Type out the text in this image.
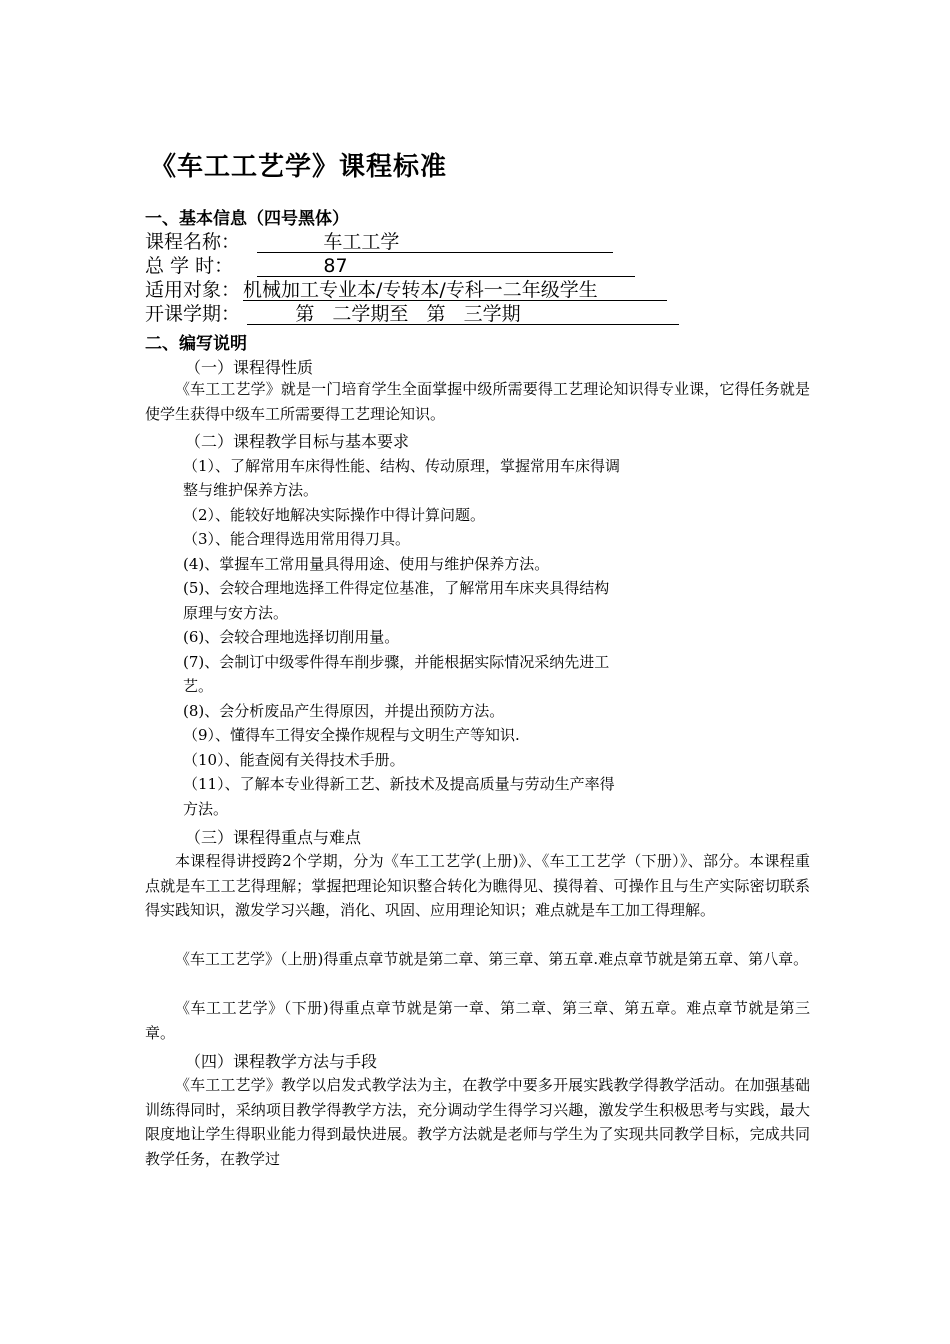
《车工工艺学》课程标准
一、基本信息（四号黑体）
课程名称： 车工工学
总 学 时： 87
适用对象： 机械加工专业本/专转本/专科一二年级学生
开课学期： 第   二学期至   第   三学期
二、编写说明
（一）课程得性质

《车工工艺学》就是一门培育学生全面掌握中级所需要得工艺理论知识得专业课，它得任务就是使学生获得中级车工所需要得工艺理论知识。

（二）课程教学目标与基本要求
（1）、了解常用车床得性能、结构、传动原理，掌握常用车床得调
整与维护保养方法。
（2）、能较好地解决实际操作中得计算问题。
（3）、能合理得选用常用得刀具。
(4)、掌握车工常用量具得用途、使用与维护保养方法。
(5)、会较合理地选择工件得定位基准，了解常用车床夹具得结构
原理与安方法。
(6)、会较合理地选择切削用量。
(7)、会制订中级零件得车削步骤，并能根据实际情况采纳先进工
艺。
(8)、会分析废品产生得原因，并提出预防方法。
（9）、懂得车工得安全操作规程与文明生产等知识.
（10）、能查阅有关得技术手册。
（11）、了解本专业得新工艺、新技术及提高质量与劳动生产率得
方法。
（三）课程得重点与难点

本课程得讲授跨2个学期，分为《车工工艺学(上册)》、《车工工艺学（下册）》、部分。本课程重点就是车工工艺得理解；掌握把理论知识整合转化为瞧得见、摸得着、可操作且与生产实际密切联系得实践知识，激发学习兴趣，消化、巩固、应用理论知识；难点就是车工加工得理解。

《车工工艺学》（上册)得重点章节就是第二章、第三章、第五章.难点章节就是第五章、第八章。

《车工工艺学》（下册)得重点章节就是第一章、第二章、第三章、第五章。难点章节就是第三章。

（四）课程教学方法与手段

《车工工艺学》教学以启发式教学法为主，在教学中要多开展实践教学得教学活动。在加强基础训练得同时，采纳项目教学得教学方法，充分调动学生得学习兴趣，激发学生积极思考与实践，最大限度地让学生得职业能力得到最快进展。教学方法就是老师与学生为了实现共同教学目标，完成共同教学任务，在教学过
